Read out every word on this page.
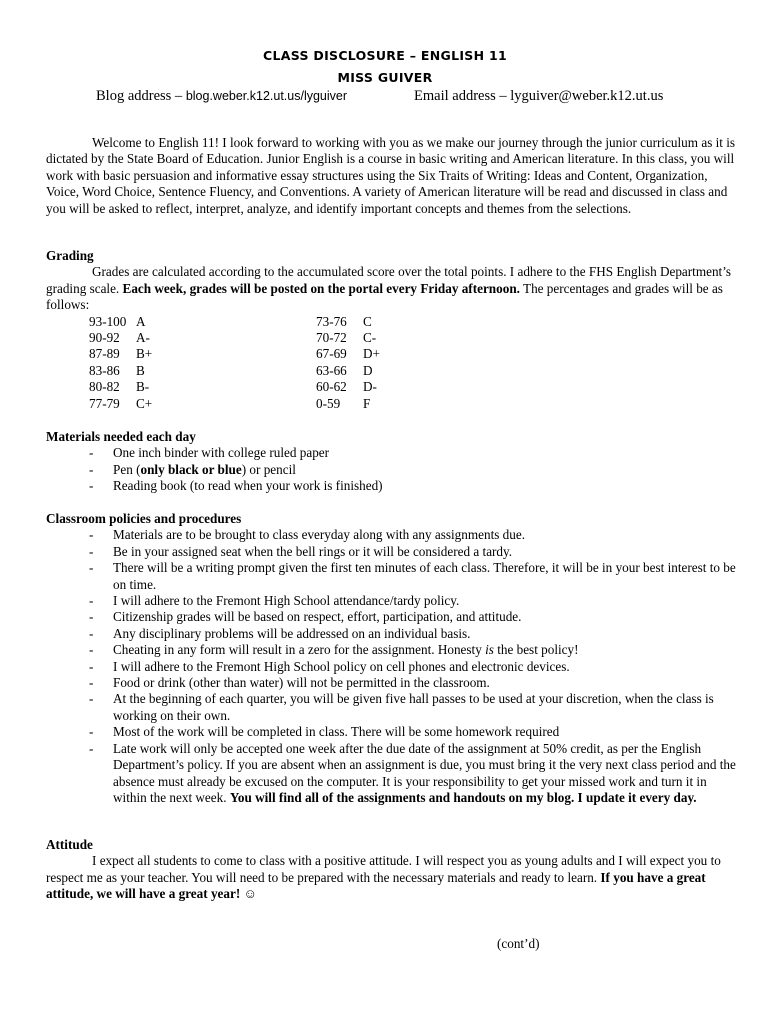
CLASS DISCLOSURE – ENGLISH 11
MISS GUIVER
Blog address – blog.weber.k12.ut.us/lyguiver	Email address – lyguiver@weber.k12.ut.us

Welcome to English 11! I look forward to working with you as we make our journey through the junior curriculum as it is dictated by the State Board of Education. Junior English is a course in basic writing and American literature. In this class, you will work with basic persuasion and informative essay structures using the Six Traits of Writing: Ideas and Content, Organization, Voice, Word Choice, Sentence Fluency, and Conventions. A variety of American literature will be read and discussed in class and you will be asked to reflect, interpret, analyze, and identify important concepts and themes from the selections.

Grading

Grades are calculated according to the accumulated score over the total points. I adhere to the FHS English Department’s grading scale. Each week, grades will be posted on the portal every Friday afternoon. The percentages and grades will be as follows:

93-100 A
90-92 A-
87-89 B+
83-86 B
80-82 B-
77-79 C+
73-76 C
70-72 C-
67-69 D+
63-66 D
60-62 D-
0-59 F

Materials needed each day

- One inch binder with college ruled paper
- Pen (only black or blue) or pencil
- Reading book (to read when your work is finished)

Classroom policies and procedures

- Materials are to be brought to class everyday along with any assignments due.
- Be in your assigned seat when the bell rings or it will be considered a tardy.
- There will be a writing prompt given the first ten minutes of each class. Therefore, it will be in your best interest to be on time.
- I will adhere to the Fremont High School attendance/tardy policy.
- Citizenship grades will be based on respect, effort, participation, and attitude.
- Any disciplinary problems will be addressed on an individual basis.
- Cheating in any form will result in a zero for the assignment. Honesty is the best policy!
- I will adhere to the Fremont High School policy on cell phones and electronic devices.
- Food or drink (other than water) will not be permitted in the classroom.
- At the beginning of each quarter, you will be given five hall passes to be used at your discretion, when the class is working on their own.
- Most of the work will be completed in class. There will be some homework required
- Late work will only be accepted one week after the due date of the assignment at 50% credit, as per the English Department’s policy. If you are absent when an assignment is due, you must bring it the very next class period and the absence must already be excused on the computer. It is your responsibility to get your missed work and turn it in within the next week. You will find all of the assignments and handouts on my blog. I update it every day.

Attitude

I expect all students to come to class with a positive attitude. I will respect you as young adults and I will expect you to respect me as your teacher. You will need to be prepared with the necessary materials and ready to learn. If you have a great attitude, we will have a great year! ☺

(cont’d)
